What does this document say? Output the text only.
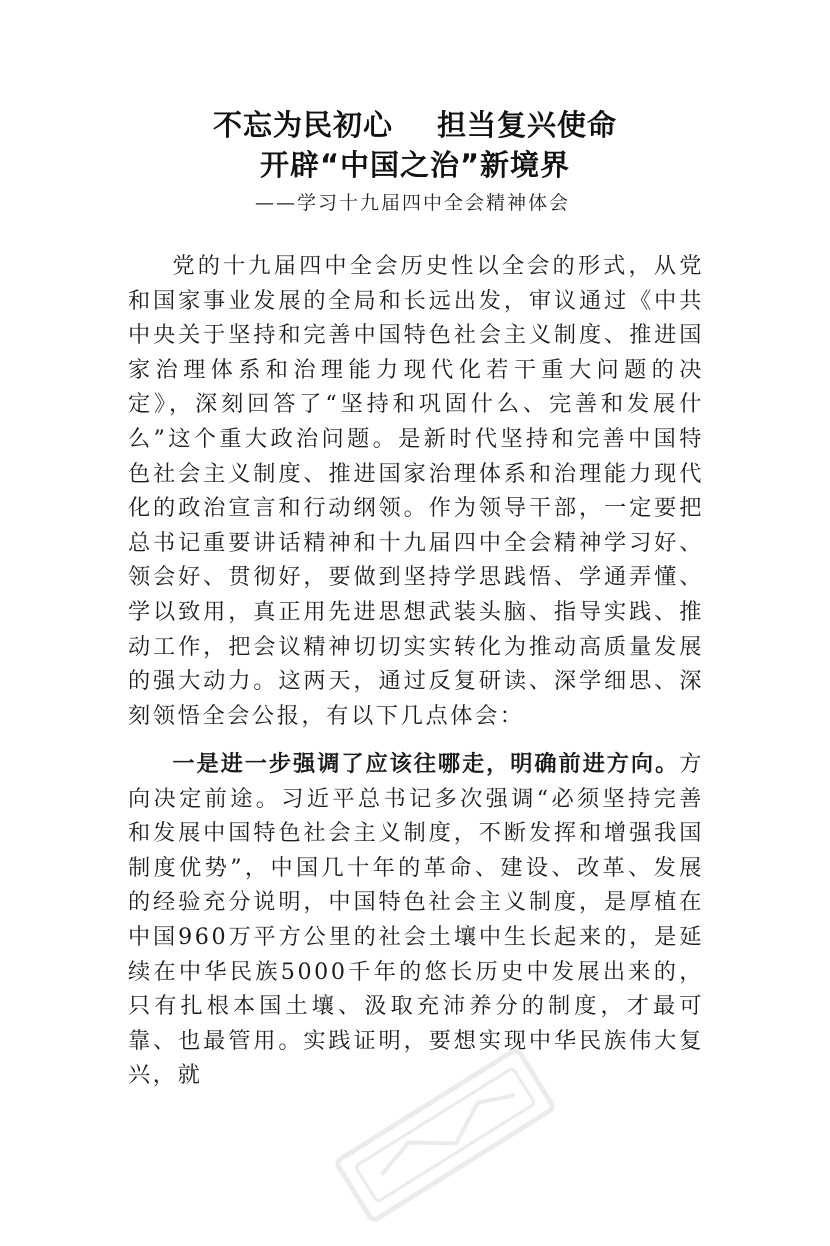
不忘为民初心 担当复兴使命
开辟“中国之治”新境界
——学习十九届四中全会精神体会

党的十九届四中全会历史性以全会的形式，从党和国家事业发展的全局和长远出发，审议通过《中共中央关于坚持和完善中国特色社会主义制度、推进国家治理体系和治理能力现代化若干重大问题的决定》，深刻回答了“坚持和巩固什么、完善和发展什么”这个重大政治问题。是新时代坚持和完善中国特色社会主义制度、推进国家治理体系和治理能力现代化的政治宣言和行动纲领。作为领导干部，一定要把总书记重要讲话精神和十九届四中全会精神学习好、领会好、贯彻好，要做到坚持学思践悟、学通弄懂、学以致用，真正用先进思想武装头脑、指导实践、推动工作，把会议精神切切实实转化为推动高质量发展的强大动力。这两天，通过反复研读、深学细思、深刻领悟全会公报，有以下几点体会：

一是进一步强调了应该往哪走，明确前进方向。方向决定前途。习近平总书记多次强调“必须坚持完善和发展中国特色社会主义制度，不断发挥和增强我国制度优势”，中国几十年的革命、建设、改革、发展的经验充分说明，中国特色社会主义制度，是厚植在中国960万平方公里的社会土壤中生长起来的，是延续在中华民族5000千年的悠长历史中发展出来的，只有扎根本国土壤、汲取充沛养分的制度，才最可靠、也最管用。实践证明，要想实现中华民族伟大复兴，就
